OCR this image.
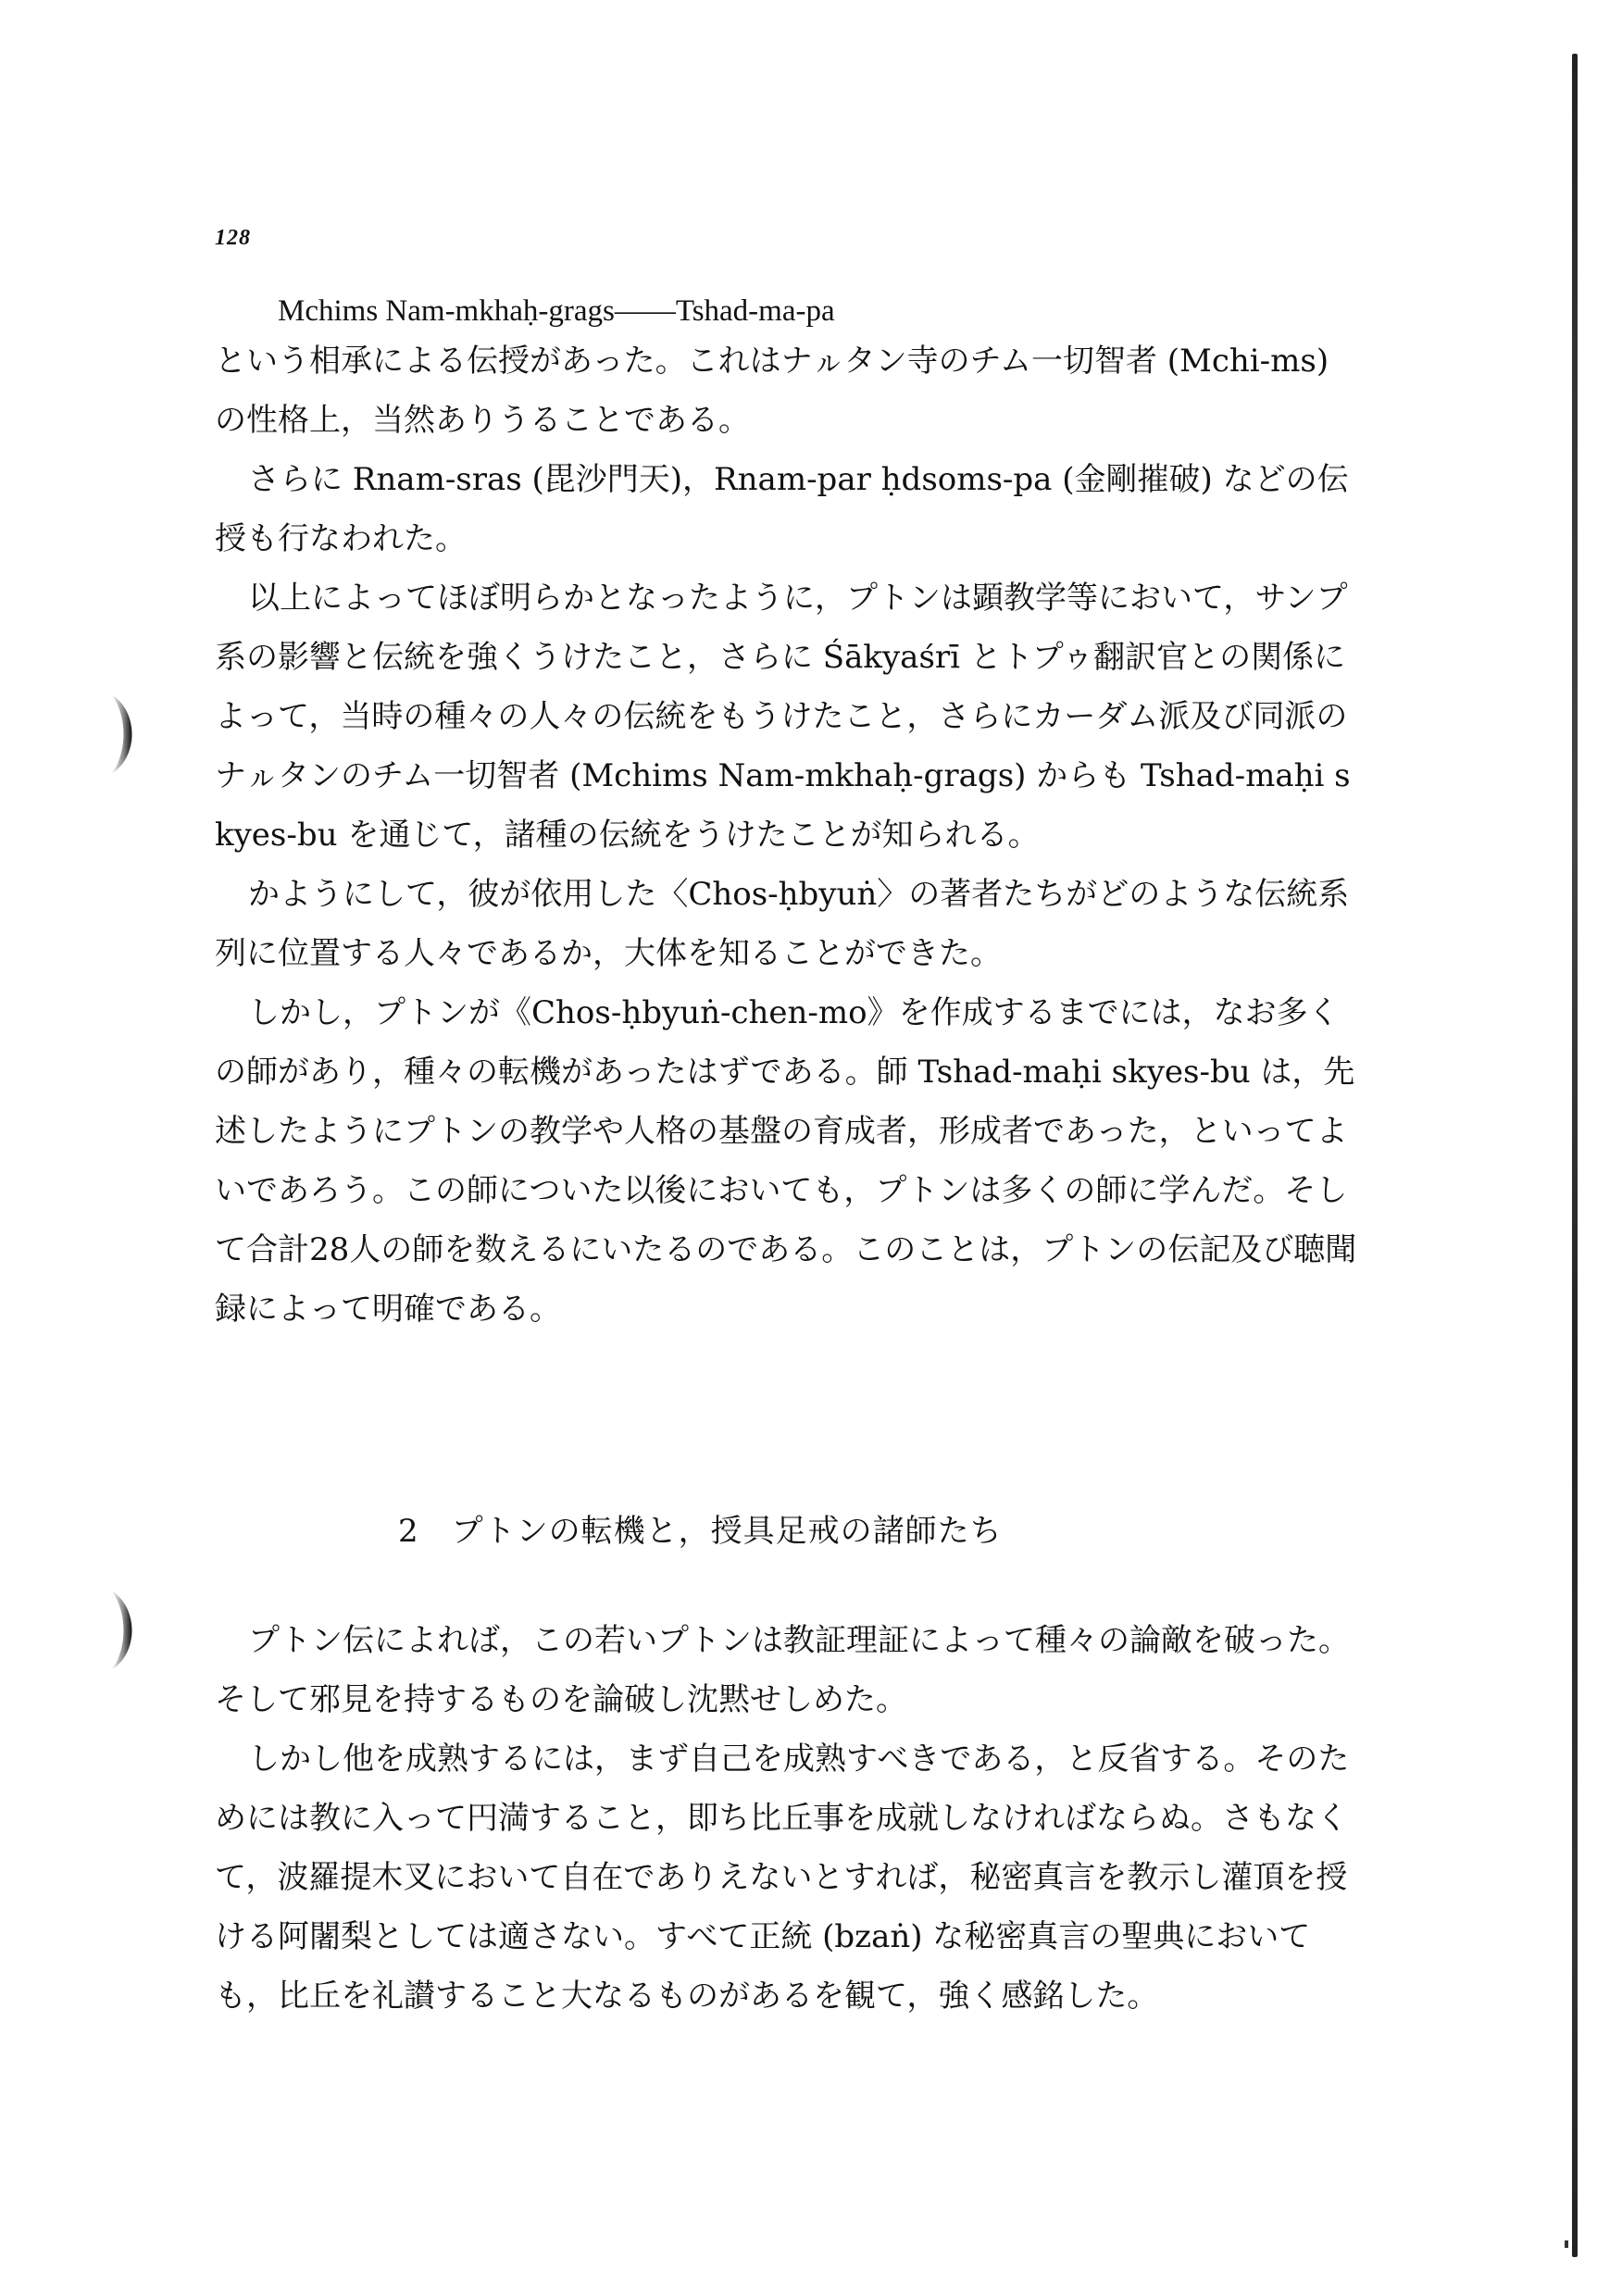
128
Mchims Nam-mkhaḥ-grags——Tshad-ma-pa

という相承による伝授があった。これはナㇽタン寺のチム一切智者 (Mchi-ms) の性格上，当然ありうることである。

さらに Rnam-sras (毘沙門天)，Rnam-par ḥdsoms-pa (金剛摧破) などの伝授も行なわれた。

以上によってほぼ明らかとなったように，プトンは顕教学等において，サンプ系の影響と伝統を強くうけたこと，さらに Śākyaśrī とトプゥ翻訳官との関係によって，当時の種々の人々の伝統をもうけたこと，さらにカーダム派及び同派のナㇽタンのチム一切智者 (Mchims Nam-mkhaḥ-grags) からも Tshad-maḥi skyes-bu を通じて，諸種の伝統をうけたことが知られる。

かようにして，彼が依用した〈Chos-ḥbyuṅ〉の著者たちがどのような伝統系列に位置する人々であるか，大体を知ることができた。

しかし，プトンが《Chos-ḥbyuṅ-chen-mo》を作成するまでには，なお多くの師があり，種々の転機があったはずである。師 Tshad-maḥi skyes-bu は，先述したようにプトンの教学や人格の基盤の育成者，形成者であった，といってよいであろう。この師についた以後においても，プトンは多くの師に学んだ。そして合計28人の師を数えるにいたるのである。このことは，プトンの伝記及び聴聞録によって明確である。

2　プトンの転機と，授具足戒の諸師たち

プトン伝によれば，この若いプトンは教証理証によって種々の論敵を破った。そして邪見を持するものを論破し沈黙せしめた。

しかし他を成熟するには，まず自己を成熟すべきである，と反省する。そのためには教に入って円満すること，即ち比丘事を成就しなければならぬ。さもなくて，波羅提木叉において自在でありえないとすれば，秘密真言を教示し灌頂を授ける阿闍梨としては適さない。すべて正統 (bzaṅ) な秘密真言の聖典においても，比丘を礼讃すること大なるものがあるを観て，強く感銘した。
